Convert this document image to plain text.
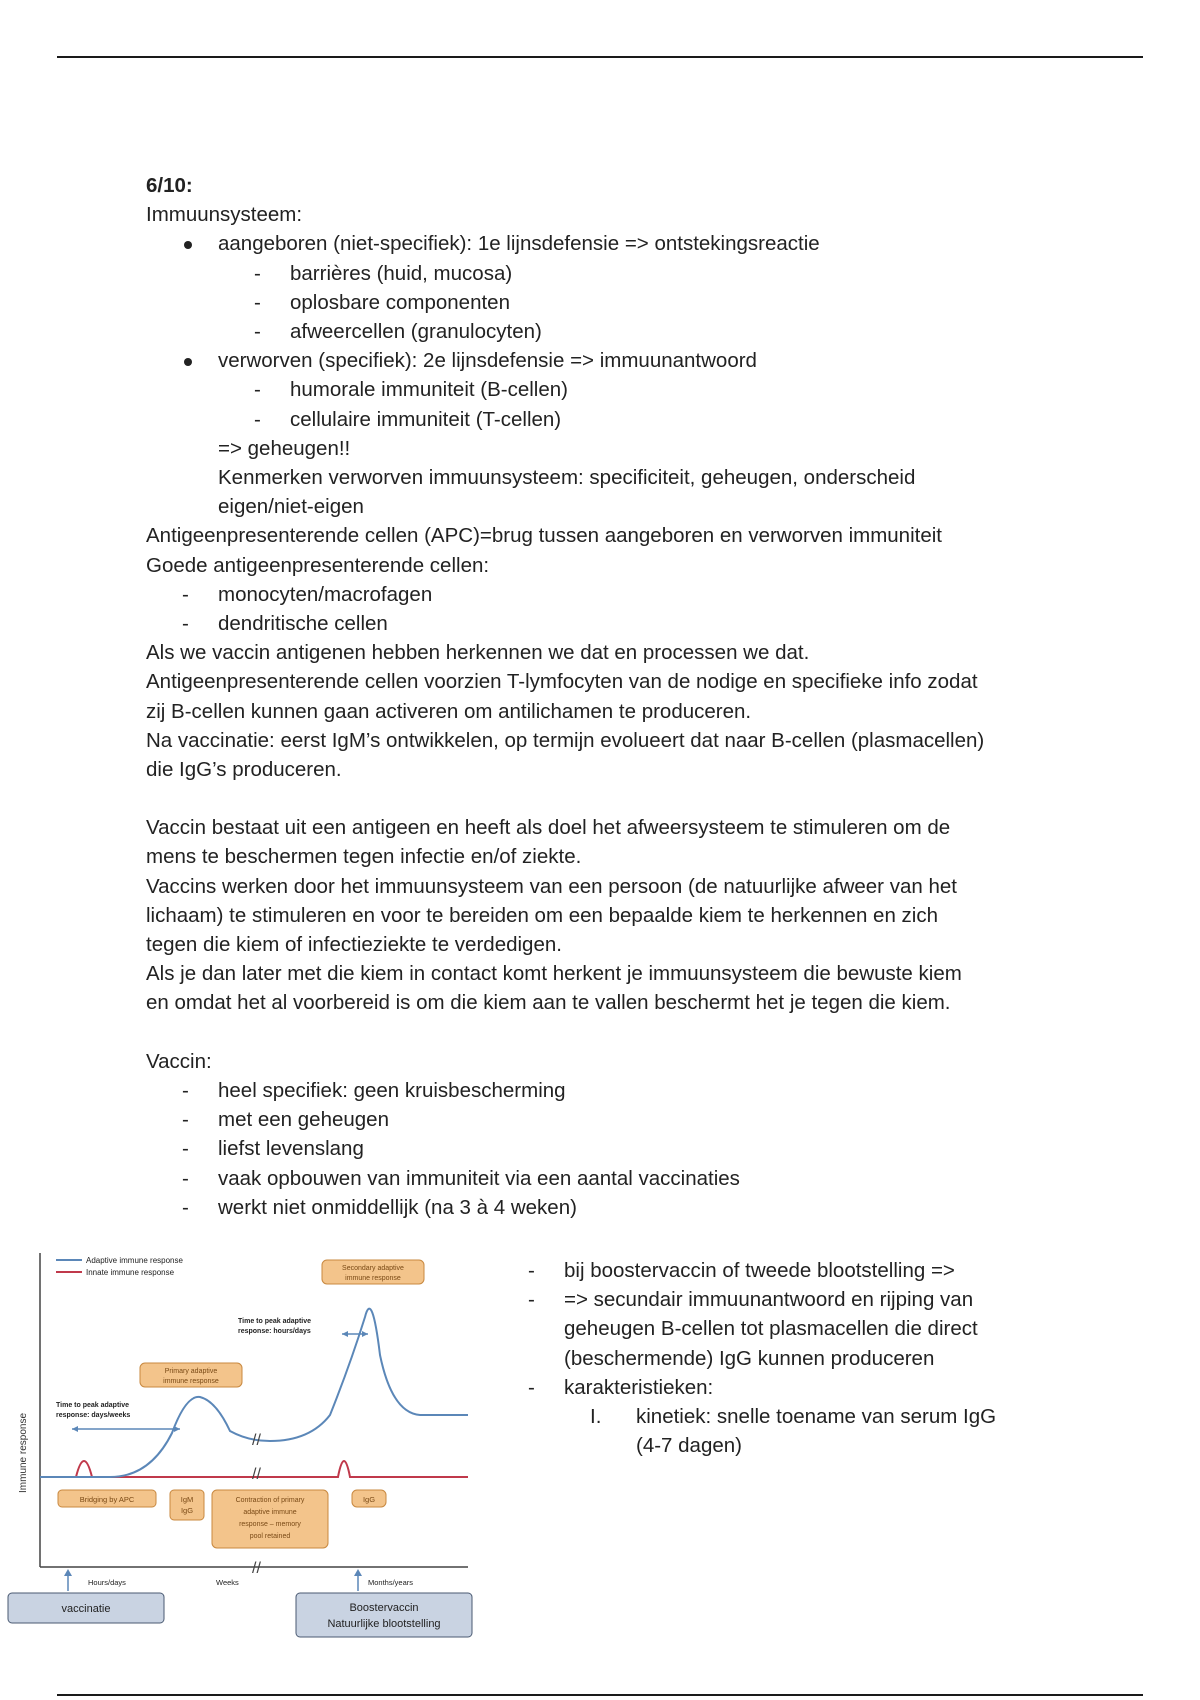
6/10:
Immuunsysteem:
aangeboren (niet-specifiek): 1e lijnsdefensie => ontstekingsreactie
- barrières (huid, mucosa)
- oplosbare componenten
- afweercellen (granulocyten)
verworven (specifiek): 2e lijnsdefensie => immuunantwoord
- humorale immuniteit (B-cellen)
- cellulaire immuniteit (T-cellen)
=> geheugen!!
Kenmerken verworven immuunsysteem: specificiteit, geheugen, onderscheid
eigen/niet-eigen
Antigeenpresenterende cellen (APC)=brug tussen aangeboren en verworven immuniteit
Goede antigeenpresenterende cellen:
- monocyten/macrofagen
- dendritische cellen
Als we vaccin antigenen hebben herkennen we dat en processen we dat.
Antigeenpresenterende cellen voorzien T-lymfocyten van de nodige en specifieke info zodat
zij B-cellen kunnen gaan activeren om antilichamen te produceren.
Na vaccinatie: eerst IgM’s ontwikkelen, op termijn evolueert dat naar B-cellen (plasmacellen)
die IgG’s produceren.
Vaccin bestaat uit een antigeen en heeft als doel het afweersysteem te stimuleren om de
mens te beschermen tegen infectie en/of ziekte.
Vaccins werken door het immuunsysteem van een persoon (de natuurlijke afweer van het
lichaam) te stimuleren en voor te bereiden om een bepaalde kiem te herkennen en zich
tegen die kiem of infectieziekte te verdedigen.
Als je dan later met die kiem in contact komt herkent je immuunsysteem die bewuste kiem
en omdat het al voorbereid is om die kiem aan te vallen beschermt het je tegen die kiem.
Vaccin:
- heel specifiek: geen kruisbescherming
- met een geheugen
- liefst levenslang
- vaak opbouwen van immuniteit via een aantal vaccinaties
- werkt niet onmiddellijk (na 3 à 4 weken)
- bij boostervaccin of tweede blootstelling =>
- => secundair immuunantwoord en rijping van
geheugen B-cellen tot plasmacellen die direct
(beschermende) IgG kunnen produceren
- karakteristieken:
I. kinetiek: snelle toename van serum IgG
(4-7 dagen)
Immune response
Adaptive immune response
Innate immune response
//
//
//
Secondary adaptive
immune response
Primary adaptive
immune response
Time to peak adaptive
response: hours/days
Time to peak adaptive
response: days/weeks
Bridging by APC	IgM
IgG
Contraction of primary
adaptive immune
response – memory
pool retained
IgG
Hours/days	Weeks	Months/years
vaccinatie	Boostervaccin
Natuurlijke blootstelling
